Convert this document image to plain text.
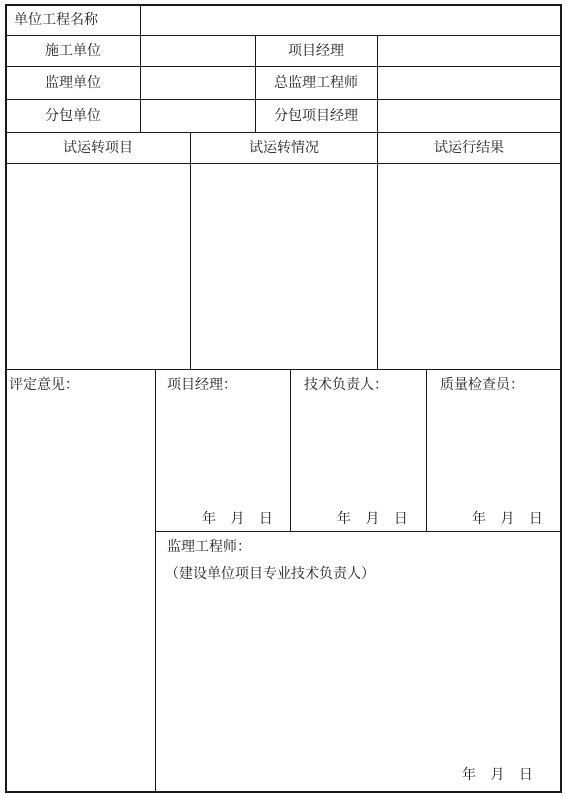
单位工程名称
施工单位	项目经理
监理单位	总监理工程师
分包单位	分包项目经理
试运转项目	试运转情况	试运行结果
评定意见：	项目经理：	技术负责人：	质量检查员：
年 月 日	年 月 日	年 月 日
监理工程师：
（建设单位项目专业技术负责人）
年 月 日
